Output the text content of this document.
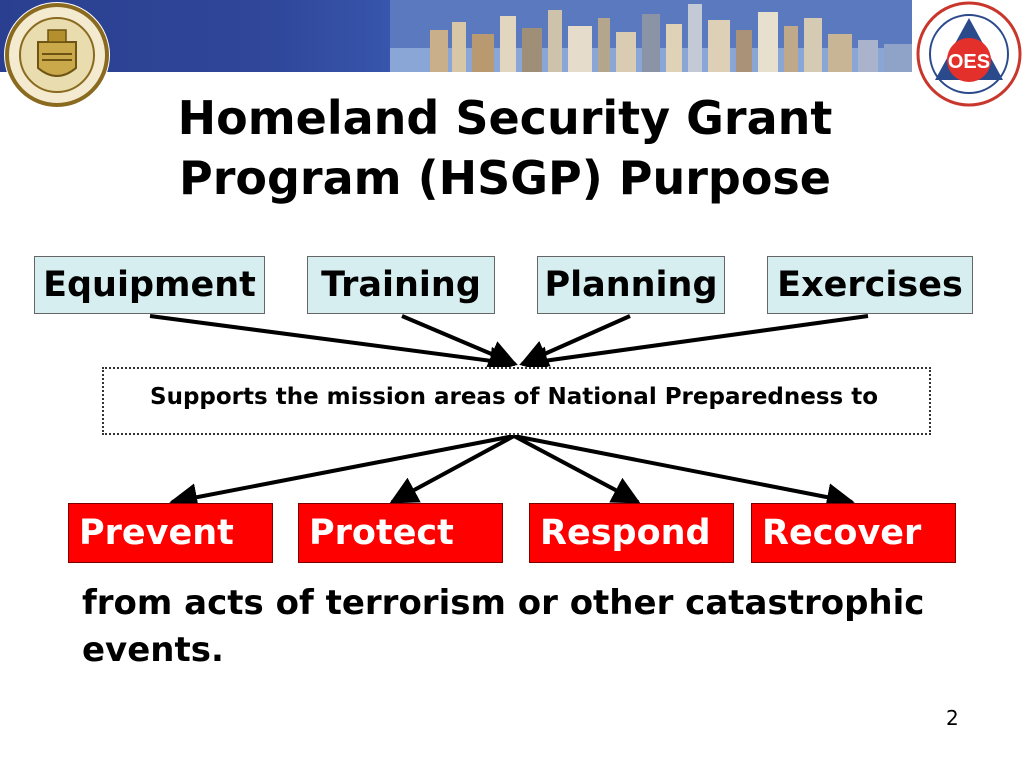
OES
Homeland Security Grant
Program (HSGP) Purpose
Equipment	Training	Planning Exercises
Supports the mission areas of National Preparedness to
Prevent	Protect	Respond	Recover
from acts of terrorism or other catastrophic events.
2
